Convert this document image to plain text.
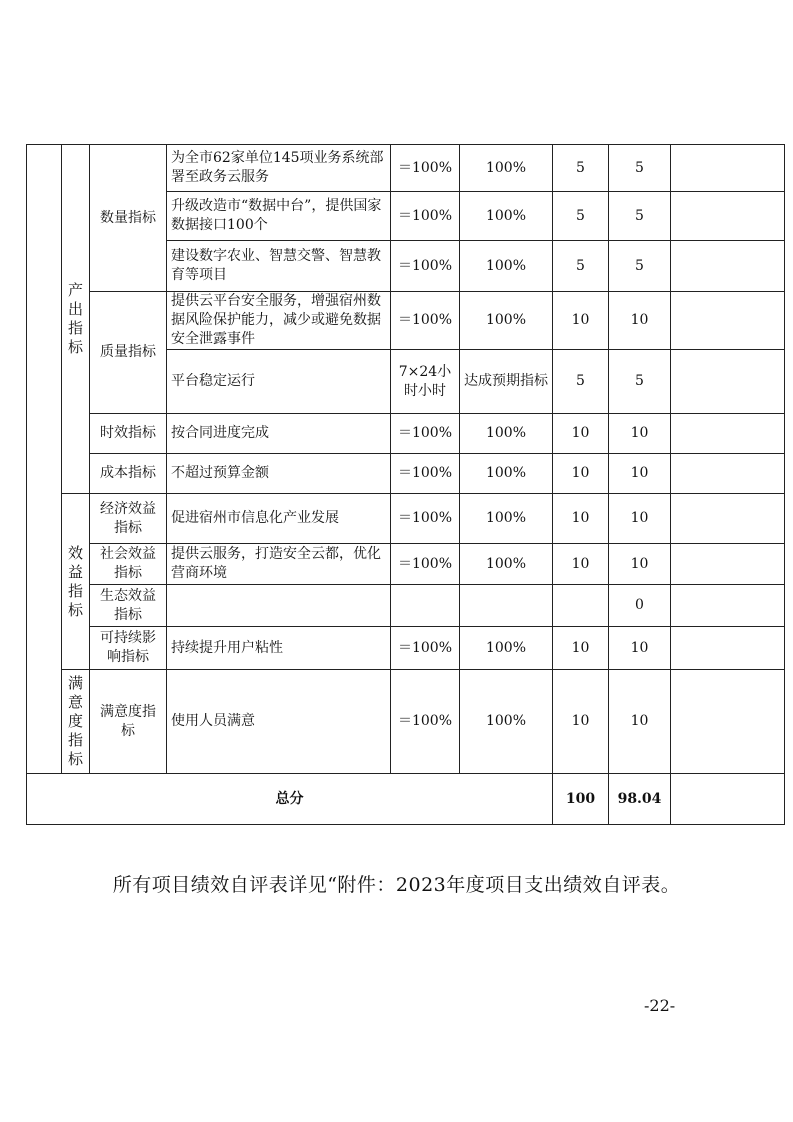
	产出指标	数量指标	为全市62家单位145项业务系统部署至政务云服务	＝100%	100%	5	5	
			升级改造市“数据中台”，提供国家数据接口100个	＝100%	100%	5	5	
			建设数字农业、智慧交警、智慧教育等项目	＝100%	100%	5	5	
		质量指标	提供云平台安全服务，增强宿州数据风险保护能力，减少或避免数据安全泄露事件	＝100%	100%	10	10	
			平台稳定运行	7×24小时小时	达成预期指标	5	5	
		时效指标	按合同进度完成	＝100%	100%	10	10	
		成本指标	不超过预算金额	＝100%	100%	10	10	
	效益指标	经济效益指标	促进宿州市信息化产业发展	＝100%	100%	10	10	
		社会效益指标	提供云服务，打造安全云都，优化营商环境	＝100%	100%	10	10	
		生态效益指标					0	
		可持续影响指标	持续提升用户粘性	＝100%	100%	10	10	
	满意度指标	满意度指标	使用人员满意	＝100%	100%	10	10	
总分						100	98.04	
所有项目绩效自评表详见“附件：2023年度项目支出绩效自评表。
-22-
